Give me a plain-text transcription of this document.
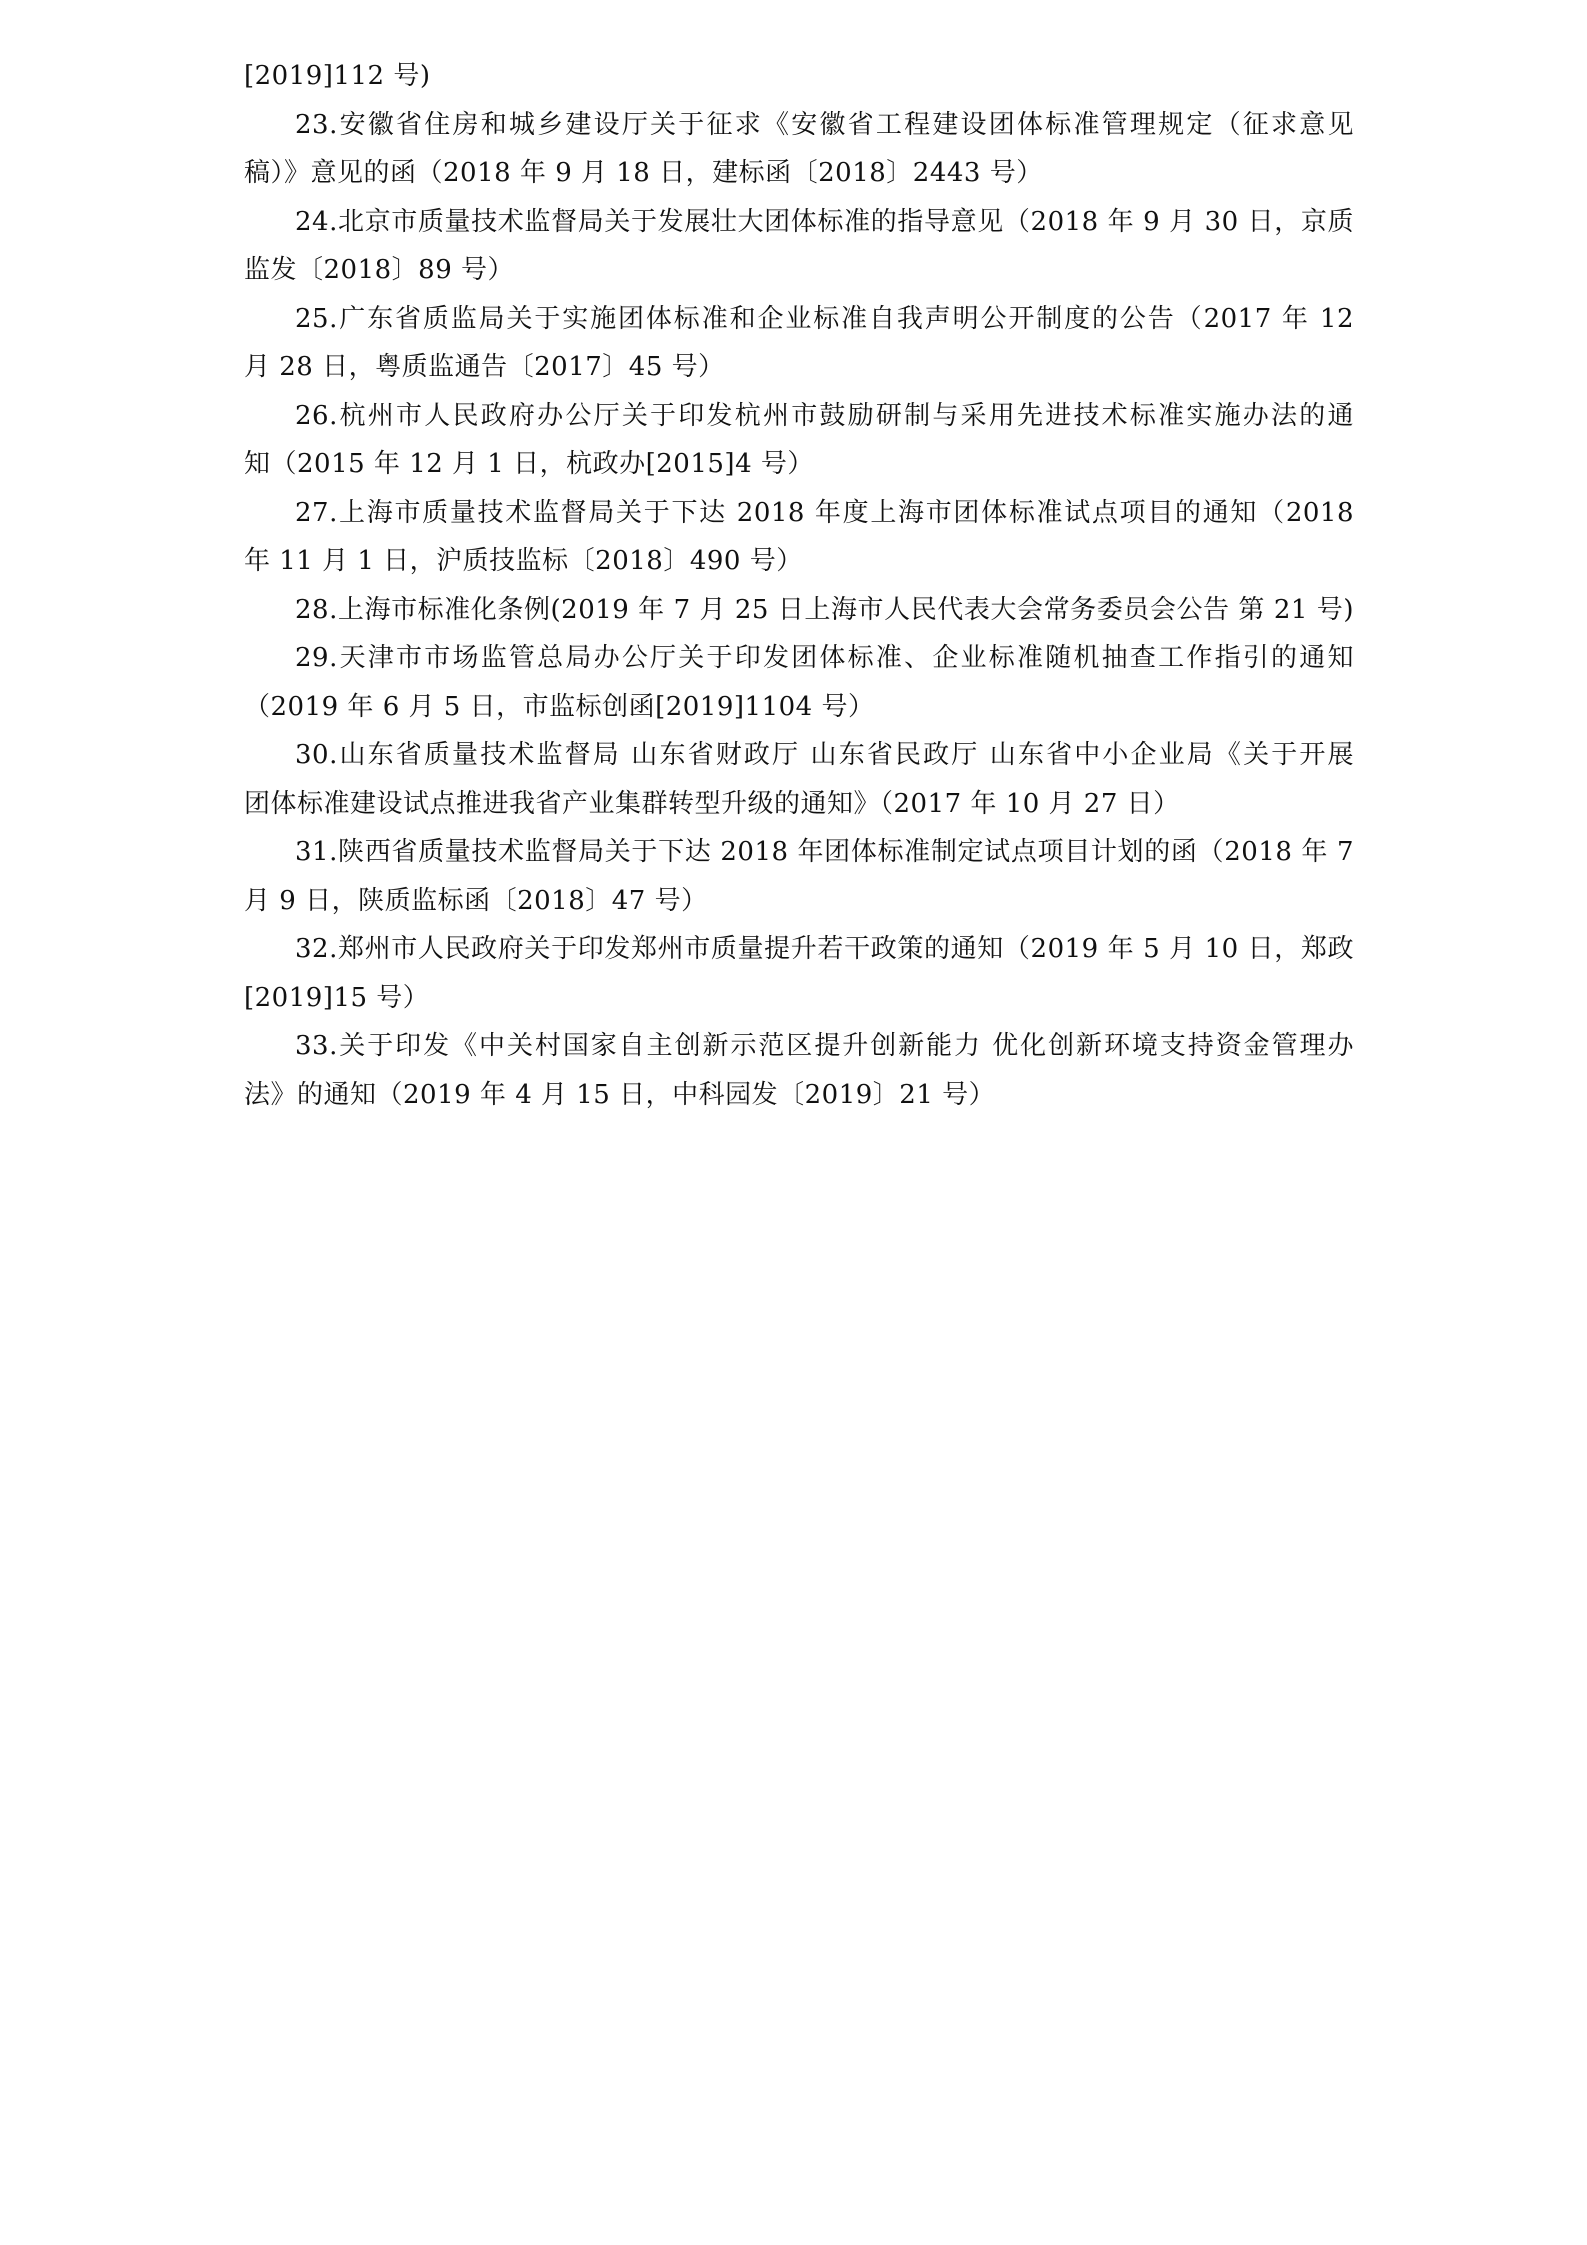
[2019]112 号)
23.安徽省住房和城乡建设厅关于征求《安徽省工程建设团体标准管理规定（征求意见
稿）》意见的函（2018 年 9 月 18 日，建标函〔2018〕2443 号）
24.北京市质量技术监督局关于发展壮大团体标准的指导意见（2018 年 9 月 30 日，京质
监发〔2018〕89 号）
25.广东省质监局关于实施团体标准和企业标准自我声明公开制度的公告（2017 年 12
月 28 日，粤质监通告〔2017〕45 号）
26.杭州市人民政府办公厅关于印发杭州市鼓励研制与采用先进技术标准实施办法的通
知（2015 年 12 月 1 日，杭政办[2015]4 号）
27.上海市质量技术监督局关于下达 2018 年度上海市团体标准试点项目的通知（2018
年 11 月 1 日，沪质技监标〔2018〕490 号）
28.上海市标准化条例(2019 年 7 月 25 日上海市人民代表大会常务委员会公告 第 21 号)
29.天津市市场监管总局办公厅关于印发团体标准、企业标准随机抽查工作指引的通知
（2019 年 6 月 5 日，市监标创函[2019]1104 号）
30.山东省质量技术监督局 山东省财政厅 山东省民政厅 山东省中小企业局《关于开展
团体标准建设试点推进我省产业集群转型升级的通知》（2017 年 10 月 27 日）
31.陕西省质量技术监督局关于下达 2018 年团体标准制定试点项目计划的函（2018 年 7
月 9 日，陕质监标函〔2018〕47 号）
32.郑州市人民政府关于印发郑州市质量提升若干政策的通知（2019 年 5 月 10 日，郑政
[2019]15 号）
33.关于印发《中关村国家自主创新示范区提升创新能力 优化创新环境支持资金管理办
法》的通知（2019 年 4 月 15 日，中科园发〔2019〕21 号）
